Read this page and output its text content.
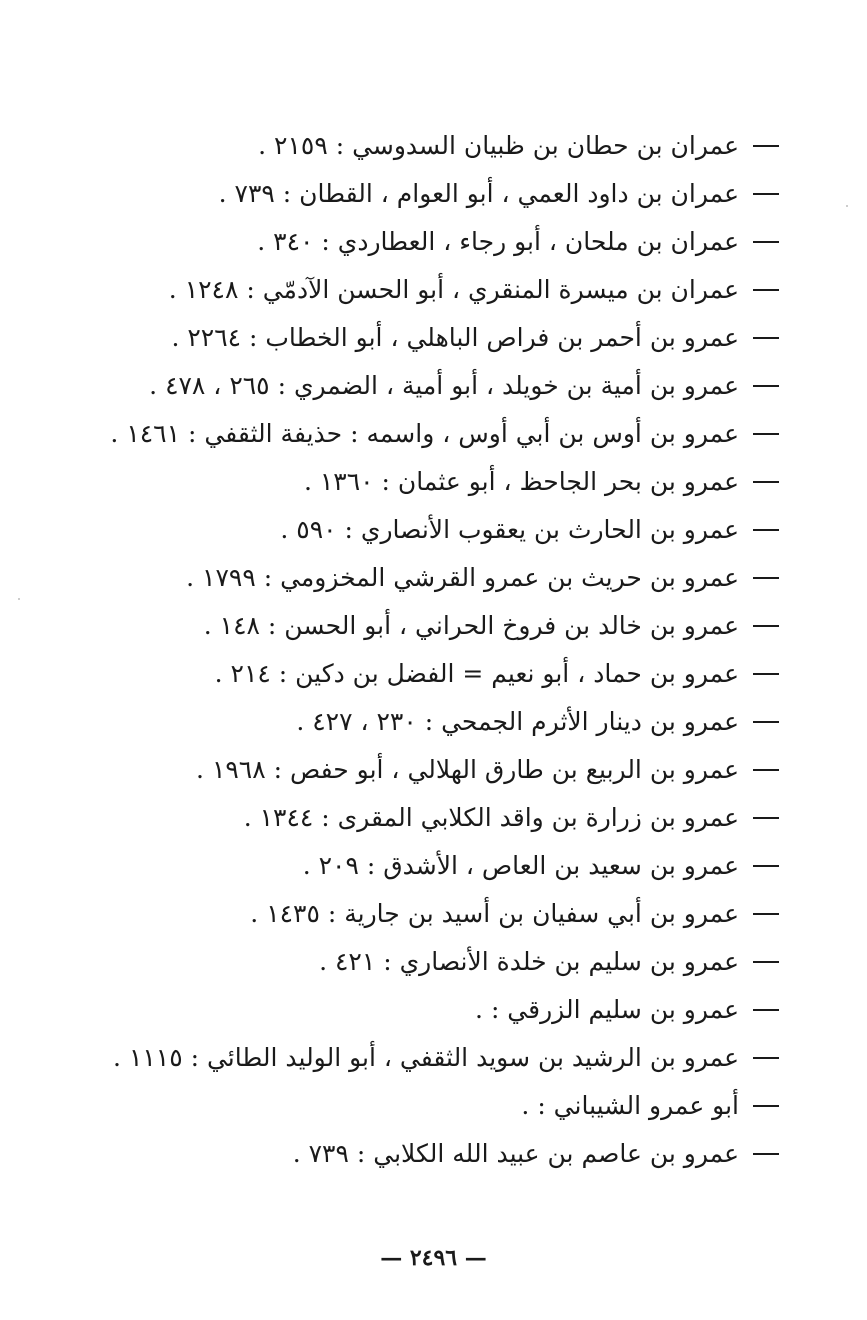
عمران بن حطان بن ظبيان السدوسي : ٢١٥٩ .
عمران بن داود العمي ، أبو العوام ، القطان : ٧٣٩ .
عمران بن ملحان ، أبو رجاء ، العطاردي : ٣٤٠ .
عمران بن ميسرة المنقري ، أبو الحسن الآدمّي : ١٢٤٨ .
عمرو بن أحمر بن فراص الباهلي ، أبو الخطاب : ٢٢٦٤ .
عمرو بن أمية بن خويلد ، أبو أمية ، الضمري : ٢٦٥ ، ٤٧٨ .
عمرو بن أوس بن أبي أوس ، واسمه : حذيفة الثقفي : ١٤٦١ .
عمرو بن بحر الجاحظ ، أبو عثمان : ١٣٦٠ .
عمرو بن الحارث بن يعقوب الأنصاري : ٥٩٠ .
عمرو بن حريث بن عمرو القرشي المخزومي : ١٧٩٩ .
عمرو بن خالد بن فروخ الحراني ، أبو الحسن : ١٤٨ .
عمرو بن حماد ، أبو نعيم = الفضل بن دكين : ٢١٤ .
عمرو بن دينار الأثرم الجمحي : ٢٣٠ ، ٤٢٧ .
عمرو بن الربيع بن طارق الهلالي ، أبو حفص : ١٩٦٨ .
عمرو بن زرارة بن واقد الكلابي المقرى : ١٣٤٤ .
عمرو بن سعيد بن العاص ، الأشدق : ٢٠٩ .
عمرو بن أبي سفيان بن أسيد بن جارية : ١٤٣٥ .
عمرو بن سليم بن خلدة الأنصاري : ٤٢١ .
عمرو بن سليم الزرقي : .
عمرو بن الرشيد بن سويد الثقفي ، أبو الوليد الطائي : ١١١٥ .
أبو عمرو الشيباني : .
عمرو بن عاصم بن عبيد الله الكلابي : ٧٣٩ .
— ٢٤٩٦ —
